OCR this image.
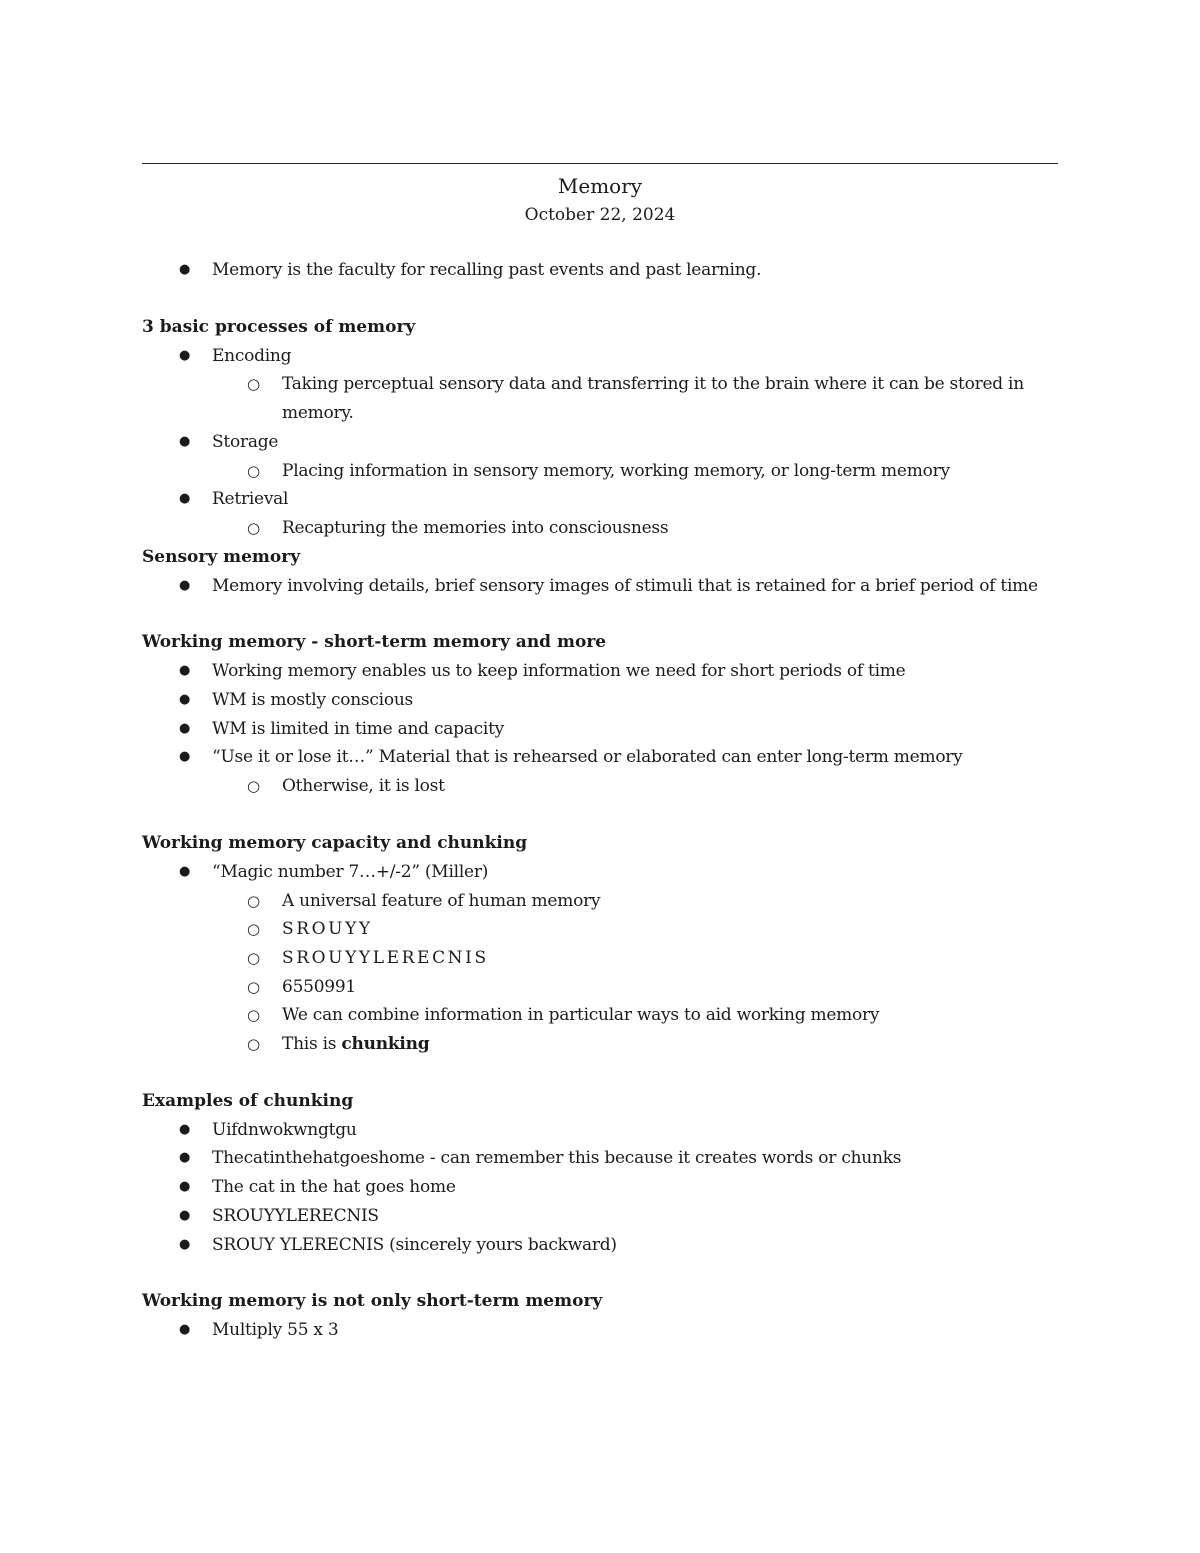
Memory
October 22, 2024
● Memory is the faculty for recalling past events and past learning.
3 basic processes of memory
● Encoding
○ Taking perceptual sensory data and transferring it to the brain where it can be stored in memory.
● Storage
○ Placing information in sensory memory, working memory, or long-term memory
● Retrieval
○ Recapturing the memories into consciousness
Sensory memory
● Memory involving details, brief sensory images of stimuli that is retained for a brief period of time
Working memory - short-term memory and more
● Working memory enables us to keep information we need for short periods of time
● WM is mostly conscious
● WM is limited in time and capacity
● “Use it or lose it…” Material that is rehearsed or elaborated can enter long-term memory
○ Otherwise, it is lost
Working memory capacity and chunking
● “Magic number 7…+/-2” (Miller)
○ A universal feature of human memory
○ SROUYY
○ SROUYYLERECNIS
○ 6550991
○ We can combine information in particular ways to aid working memory
○ This is chunking
Examples of chunking
● Uifdnwokwngtgu
● Thecatinthehatgoeshome - can remember this because it creates words or chunks
● The cat in the hat goes home
● SROUYYLERECNIS
● SROUY YLERECNIS (sincerely yours backward)
Working memory is not only short-term memory
● Multiply 55 x 3
